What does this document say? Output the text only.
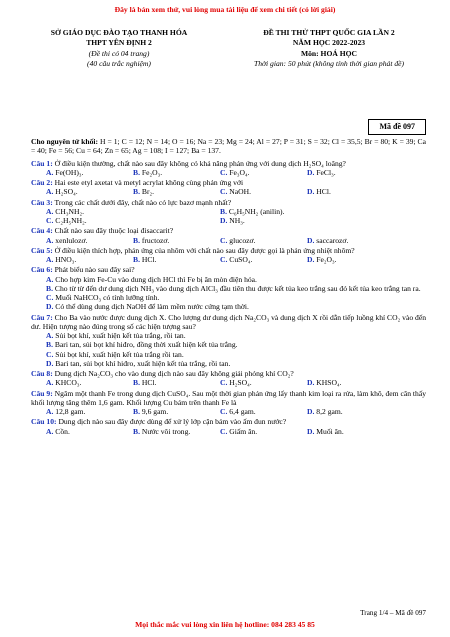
Đây là bản xem thử, vui lòng mua tài liệu để xem chi tiết (có lời giải)
SỞ GIÁO DỤC ĐÀO TẠO THANH HÓA
THPT YÊN ĐỊNH 2
(Đề thi có 04 trang)
(40 câu trắc nghiệm)
ĐỀ THI THỬ THPT QUỐC GIA LẦN 2
NĂM HỌC 2022-2023
Môn: HOÁ HỌC
Thời gian: 50 phút (không tính thời gian phát đề)
Mã đề 097

Cho nguyên tử khối: H = 1; C = 12; N = 14; O = 16; Na = 23; Mg = 24; Al = 27; P = 31; S = 32; Cl = 35,5; Br = 80; K = 39; Ca = 40; Fe = 56; Cu = 64; Zn = 65; Ag = 108; I = 127; Ba = 137.

Câu 1: Ở điều kiện thường, chất nào sau đây không có khả năng phản ứng với dung dịch H₂SO₄ loãng?
A. Fe(OH)₃.	B. Fe₂O₃.	C. Fe₃O₄.	D. FeCl₃.
Câu 2: Hai este etyl axetat và metyl acrylat không cùng phản ứng với
A. H₂SO₄.	B. Br₂.	C. NaOH.	D. HCl.
Câu 3: Trong các chất dưới đây, chất nào có lực bazơ mạnh nhất?
A. CH₃NH₂.	B. C₆H₅NH₂ (anilin).
C. C₂H₅NH₂.	D. NH₃.
Câu 4: Chất nào sau đây thuộc loại đisaccarit?
A. xenlulozơ.	B. fructozơ.	C. glucozơ.	D. saccarozơ.
Câu 5: Ở điều kiện thích hợp, phản ứng của nhôm với chất nào sau đây được gọi là phản ứng nhiệt nhôm?
A. HNO₃.	B. HCl.	C. CuSO₄.	D. Fe₂O₃.
Câu 6: Phát biểu nào sau đây sai?
A. Cho hợp kim Fe-Cu vào dung dịch HCl thì Fe bị ăn mòn điện hóa.
B. Cho từ từ đến dư dung dịch NH₃ vào dung dịch AlCl₃ đầu tiên thu được kết tủa keo trắng sau đó kết tủa keo trắng tan ra.
C. Muối NaHCO₃ có tính lưỡng tính.
D. Có thể dùng dung dịch NaOH để làm mềm nước cứng tạm thời.
Câu 7: Cho Ba vào nước được dung dịch X. Cho lượng dư dung dịch Na₂CO₃ và dung dịch X rồi dẫn tiếp luồng khí CO₂ vào đến dư. Hiện tượng nào đúng trong số các hiện tượng sau?
A. Sủi bọt khí, xuất hiện kết tủa trắng, rồi tan.
B. Bari tan, sủi bọt khí hiđro, đồng thời xuất hiện kết tủa trắng.
C. Sủi bọt khí, xuất hiện kết tủa trắng rồi tan.
D. Bari tan, sủi bọt khí hiđro, xuất hiện kết tủa trắng, rồi tan.
Câu 8: Dung dịch Na₂CO₃ cho vào dung dịch nào sau đây không giải phóng khí CO₂?
A. KHCO₃.	B. HCl.	C. H₂SO₄.	D. KHSO₄.
Câu 9: Ngâm một thanh Fe trong dung dịch CuSO₄. Sau một thời gian phản ứng lấy thanh kim loại ra rửa, làm khô, đem cân thấy khối lượng tăng thêm 1,6 gam. Khối lượng Cu bám trên thanh Fe là
A. 12,8 gam.	B. 9,6 gam.	C. 6,4 gam.	D. 8,2 gam.
Câu 10: Dung dịch nào sau đây được dùng để xử lý lớp cặn bám vào ấm đun nước?
A. Cồn.	B. Nước vôi trong.	C. Giấm ăn.	D. Muối ăn.
Trang 1/4 – Mã đề 097
Mọi thắc mắc vui lòng xin liên hệ hotline: 084 283 45 85
